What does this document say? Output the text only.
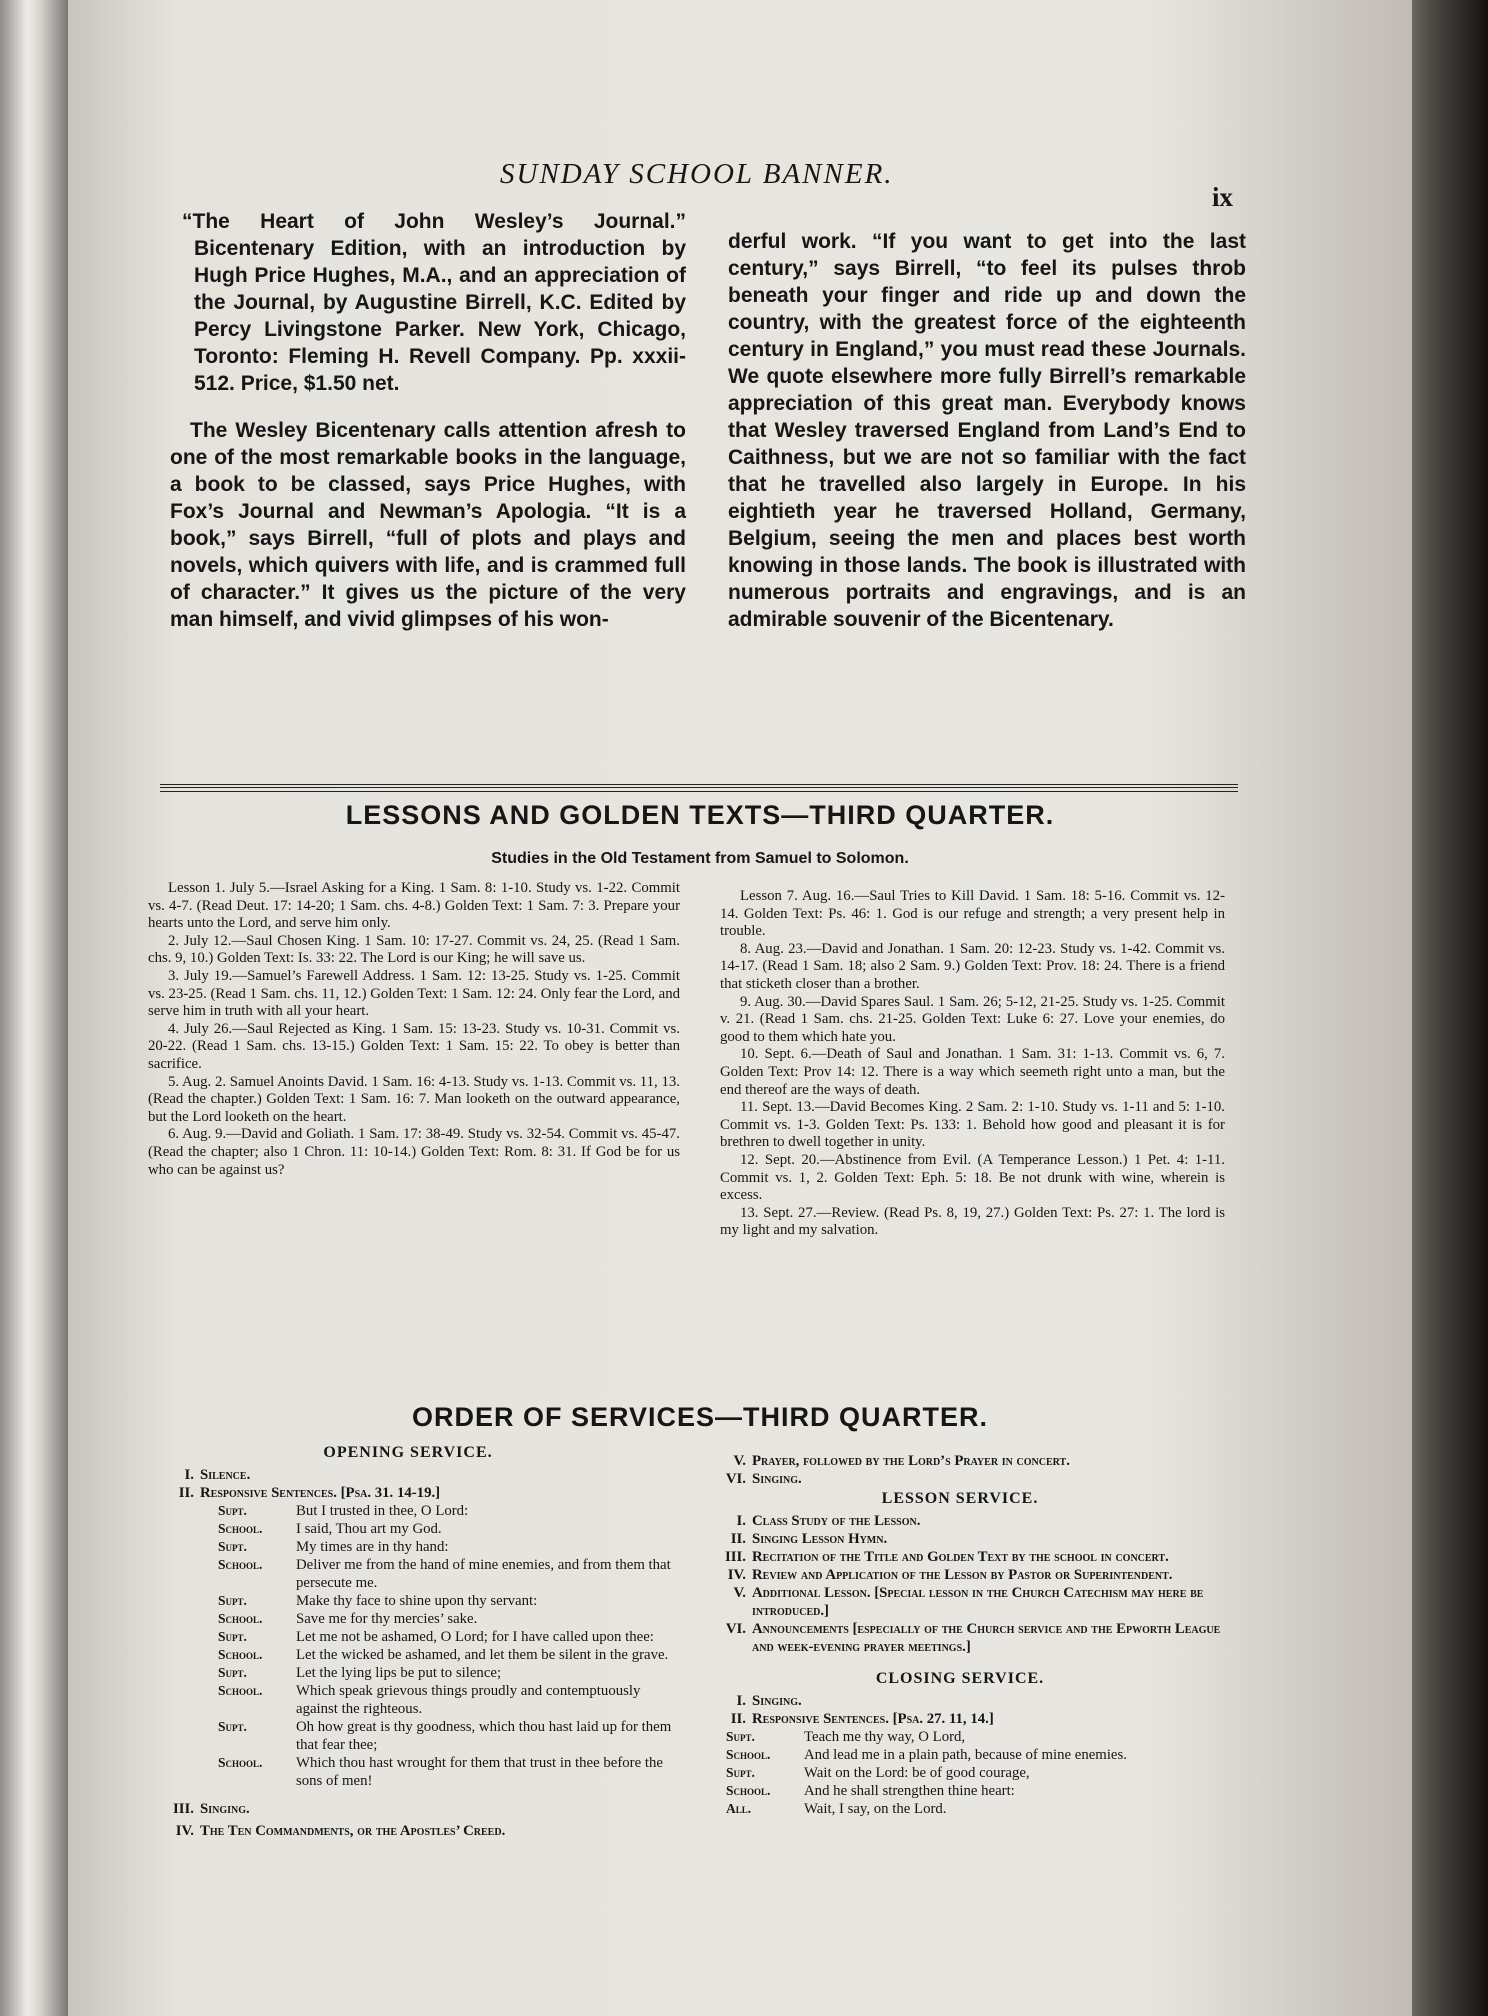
SUNDAY SCHOOL BANNER.
ix

“The Heart of John Wesley’s Journal.” Bicentenary Edition, with an introduction by Hugh Price Hughes, M.A., and an appreciation of the Journal, by Augustine Birrell, K.C. Edited by Percy Livingstone Parker. New York, Chicago, Toronto: Fleming H. Revell Company. Pp. xxxii-512. Price, $1.50 net.

The Wesley Bicentenary calls attention afresh to one of the most remarkable books in the language, a book to be classed, says Price Hughes, with Fox’s Journal and Newman’s Apologia. “It is a book,” says Birrell, “full of plots and plays and novels, which quivers with life, and is crammed full of character.” It gives us the picture of the very man himself, and vivid glimpses of his won-

derful work. “If you want to get into the last century,” says Birrell, “to feel its pulses throb beneath your finger and ride up and down the country, with the greatest force of the eighteenth century in England,” you must read these Journals. We quote elsewhere more fully Birrell’s remarkable appreciation of this great man. Everybody knows that Wesley traversed England from Land’s End to Caithness, but we are not so familiar with the fact that he travelled also largely in Europe. In his eightieth year he traversed Holland, Germany, Belgium, seeing the men and places best worth knowing in those lands. The book is illustrated with numerous portraits and engravings, and is an admirable souvenir of the Bicentenary.

LESSONS AND GOLDEN TEXTS—THIRD QUARTER.
Studies in the Old Testament from Samuel to Solomon.

Lesson 1. July 5.—Israel Asking for a King. 1 Sam. 8: 1-10. Study vs. 1-22. Commit vs. 4-7. (Read Deut. 17: 14-20; 1 Sam. chs. 4-8.) Golden Text: 1 Sam. 7: 3. Prepare your hearts unto the Lord, and serve him only.

2. July 12.—Saul Chosen King. 1 Sam. 10: 17-27. Commit vs. 24, 25. (Read 1 Sam. chs. 9, 10.) Golden Text: Is. 33: 22. The Lord is our King; he will save us.

3. July 19.—Samuel’s Farewell Address. 1 Sam. 12: 13-25. Study vs. 1-25. Commit vs. 23-25. (Read 1 Sam. chs. 11, 12.) Golden Text: 1 Sam. 12: 24. Only fear the Lord, and serve him in truth with all your heart.

4. July 26.—Saul Rejected as King. 1 Sam. 15: 13-23. Study vs. 10-31. Commit vs. 20-22. (Read 1 Sam. chs. 13-15.) Golden Text: 1 Sam. 15: 22. To obey is better than sacrifice.

5. Aug. 2. Samuel Anoints David. 1 Sam. 16: 4-13. Study vs. 1-13. Commit vs. 11, 13. (Read the chapter.) Golden Text: 1 Sam. 16: 7. Man looketh on the outward appearance, but the Lord looketh on the heart.

6. Aug. 9.—David and Goliath. 1 Sam. 17: 38-49. Study vs. 32-54. Commit vs. 45-47. (Read the chapter; also 1 Chron. 11: 10-14.) Golden Text: Rom. 8: 31. If God be for us who can be against us?

Lesson 7. Aug. 16.—Saul Tries to Kill David. 1 Sam. 18: 5-16. Commit vs. 12-14. Golden Text: Ps. 46: 1. God is our refuge and strength; a very present help in trouble.

8. Aug. 23.—David and Jonathan. 1 Sam. 20: 12-23. Study vs. 1-42. Commit vs. 14-17. (Read 1 Sam. 18; also 2 Sam. 9.) Golden Text: Prov. 18: 24. There is a friend that sticketh closer than a brother.

9. Aug. 30.—David Spares Saul. 1 Sam. 26; 5-12, 21-25. Study vs. 1-25. Commit v. 21. (Read 1 Sam. chs. 21-25. Golden Text: Luke 6: 27. Love your enemies, do good to them which hate you.

10. Sept. 6.—Death of Saul and Jonathan. 1 Sam. 31: 1-13. Commit vs. 6, 7. Golden Text: Prov 14: 12. There is a way which seemeth right unto a man, but the end thereof are the ways of death.

11. Sept. 13.—David Becomes King. 2 Sam. 2: 1-10. Study vs. 1-11 and 5: 1-10. Commit vs. 1-3. Golden Text: Ps. 133: 1. Behold how good and pleasant it is for brethren to dwell together in unity.

12. Sept. 20.—Abstinence from Evil. (A Temperance Lesson.) 1 Pet. 4: 1-11. Commit vs. 1, 2. Golden Text: Eph. 5: 18. Be not drunk with wine, wherein is excess.

13. Sept. 27.—Review. (Read Ps. 8, 19, 27.) Golden Text: Ps. 27: 1. The lord is my light and my salvation.

ORDER OF SERVICES—THIRD QUARTER.
OPENING SERVICE.
I. Silence.
II. Responsive Sentences. [Psa. 31. 14-19.]
Supt.	But I trusted in thee, O Lord:
School.	I said, Thou art my God.
Supt.	My times are in thy hand:
School.	Deliver me from the hand of mine enemies, and from them that persecute me.
Supt.	Make thy face to shine upon thy servant:
School.	Save me for thy mercies’ sake.
Supt.	Let me not be ashamed, O Lord; for I have called upon thee:
School.	Let the wicked be ashamed, and let them be silent in the grave.
Supt.	Let the lying lips be put to silence;
School.	Which speak grievous things proudly and contemptuously against the righteous.
Supt.	Oh how great is thy goodness, which thou hast laid up for them that fear thee;
School.	Which thou hast wrought for them that trust in thee before the sons of men!
III. Singing.
IV. The Ten Commandments, or the Apostles’ Creed.
V. Prayer, followed by the Lord’s Prayer in concert.
VI. Singing.
LESSON SERVICE.
I. Class Study of the Lesson.
II. Singing Lesson Hymn.
III. Recitation of the Title and Golden Text by the school in concert.
IV. Review and Application of the Lesson by Pastor or Superintendent.
V. Additional Lesson. [Special lesson in the Church Catechism may here be introduced.]
VI. Announcements [especially of the Church service and the Epworth League and week-evening prayer meetings.]
CLOSING SERVICE.
I. Singing.
II. Responsive Sentences. [Psa. 27. 11, 14.]
Supt.	Teach me thy way, O Lord,
School.	And lead me in a plain path, because of mine enemies.
Supt.	Wait on the Lord: be of good courage,
School.	And he shall strengthen thine heart:
All.	Wait, I say, on the Lord.
